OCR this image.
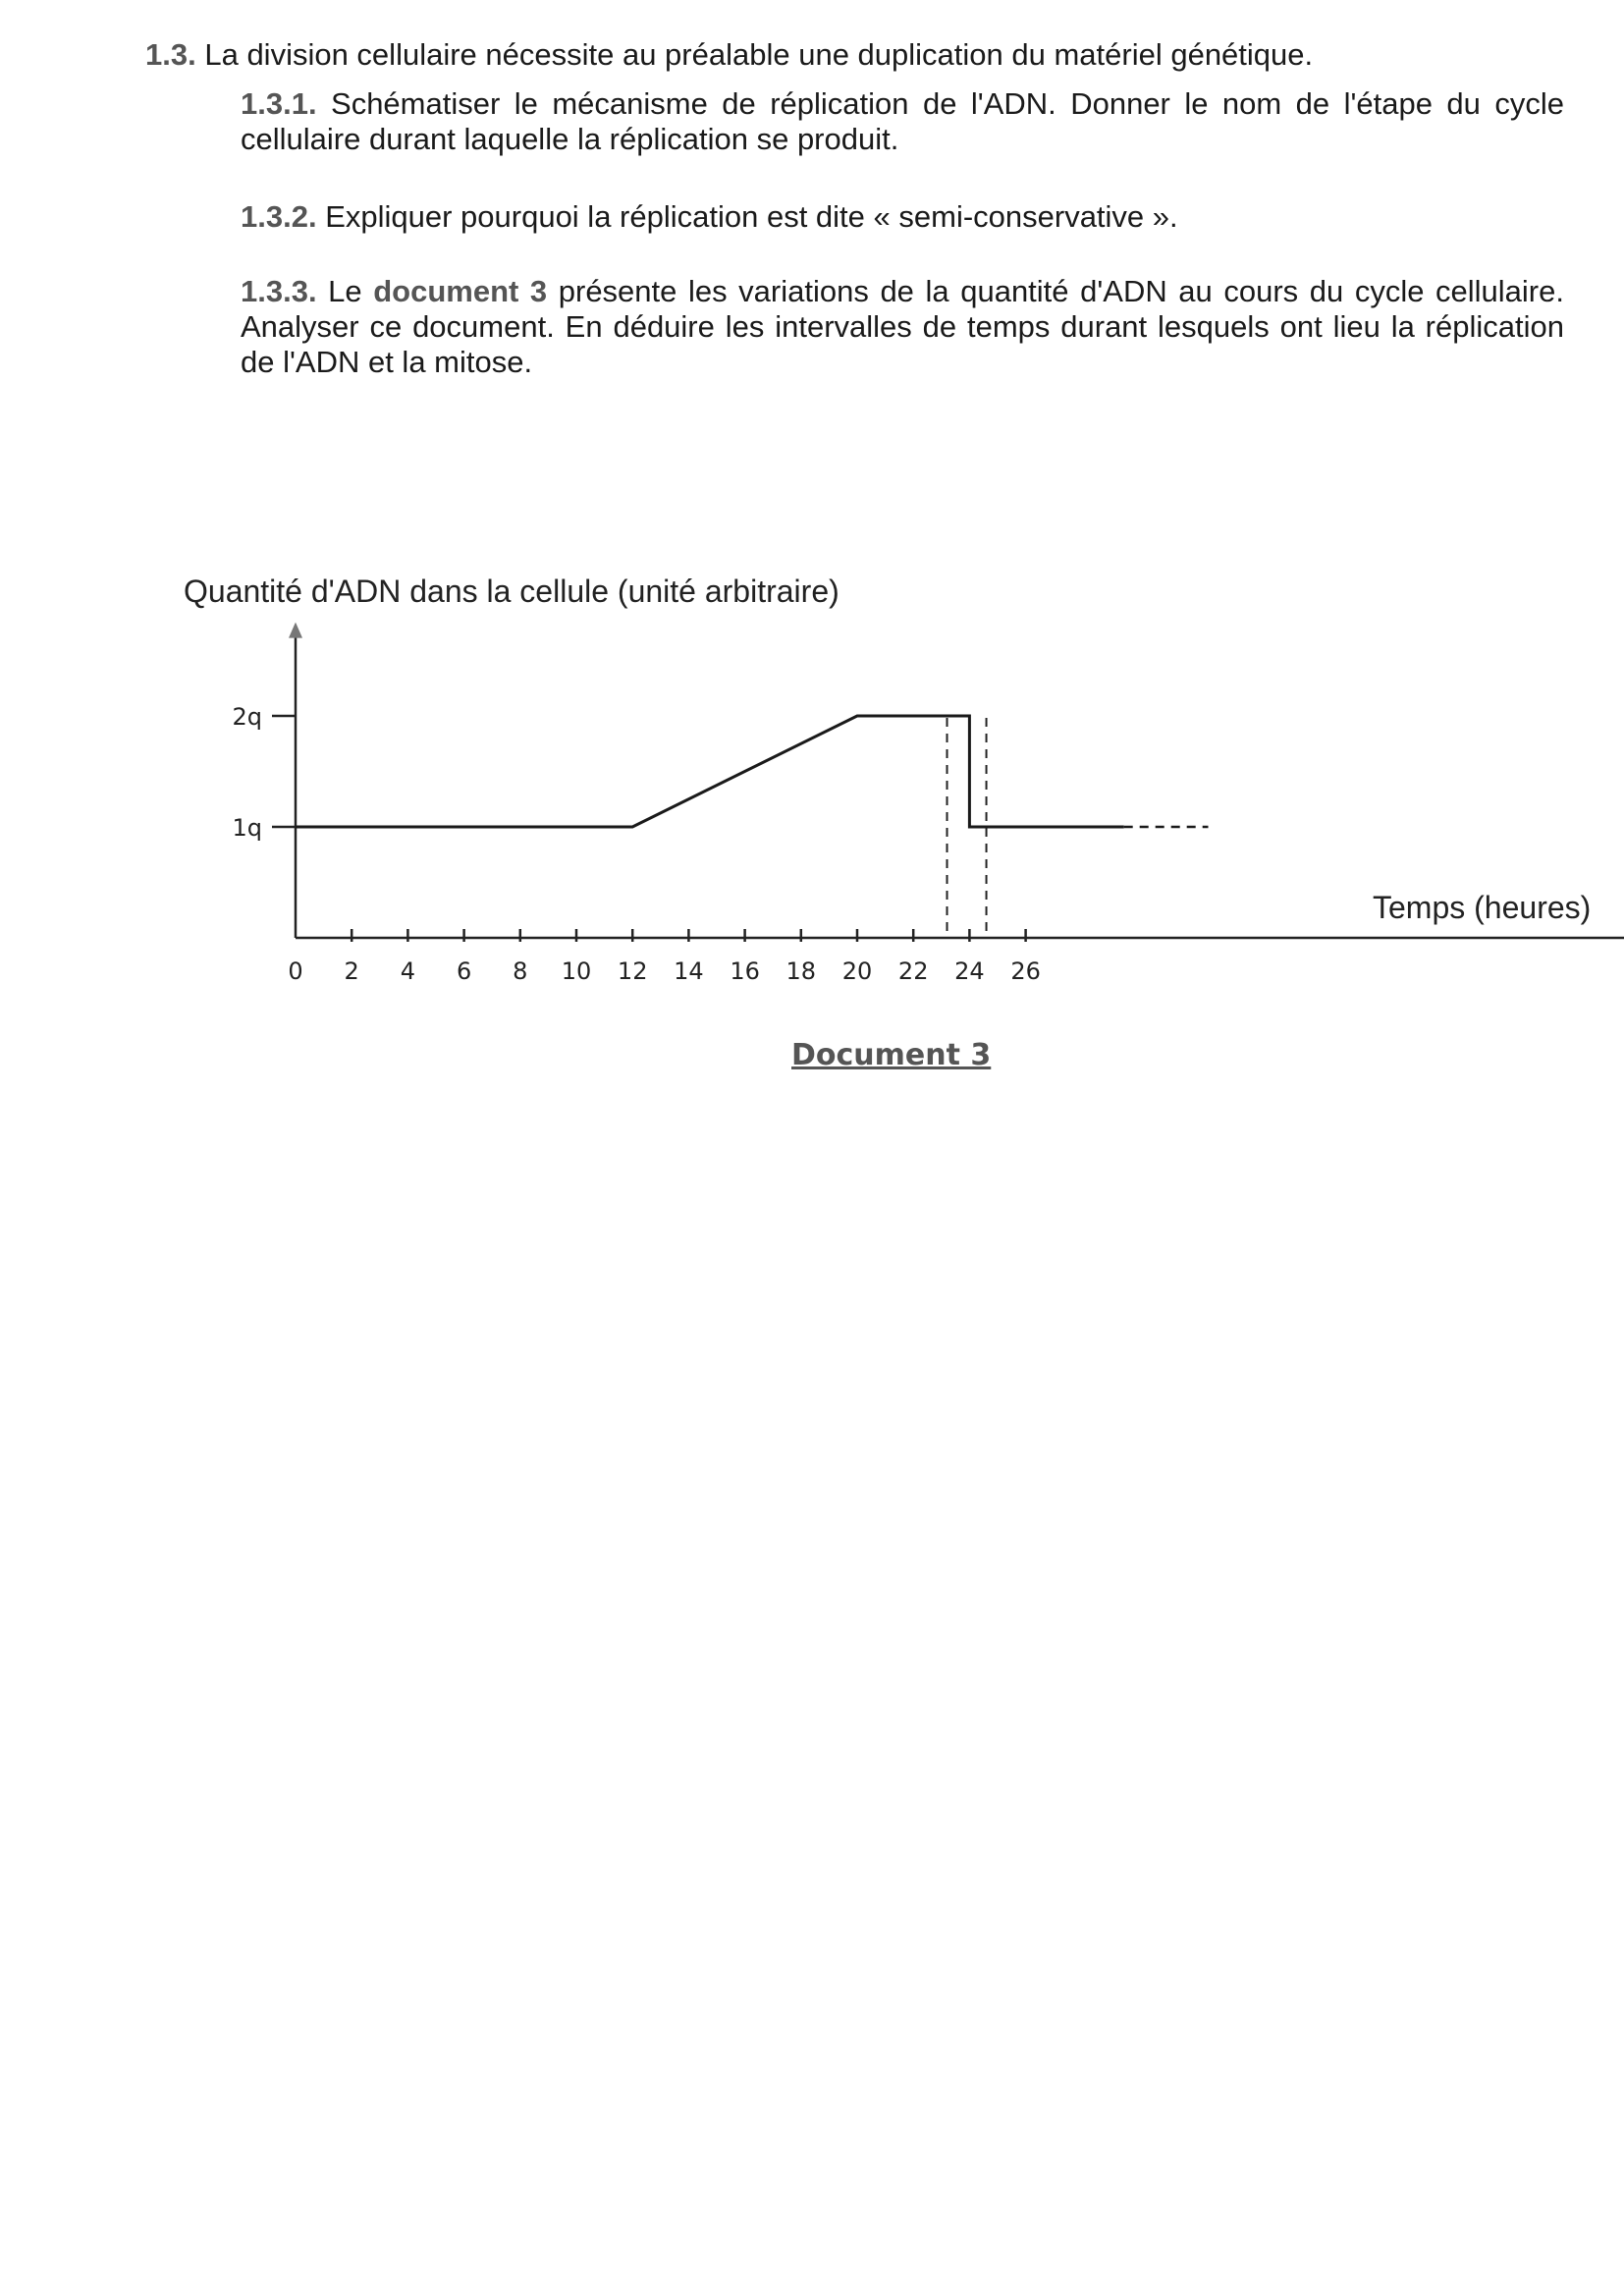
1.3. La division cellulaire nécessite au préalable une duplication du matériel génétique.

1.3.1. Schématiser le mécanisme de réplication de l'ADN. Donner le nom de l'étape du cycle cellulaire durant laquelle la réplication se produit.

1.3.2. Expliquer pourquoi la réplication est dite « semi-conservative ».

1.3.3. Le document 3 présente les variations de la quantité d'ADN au cours du cycle cellulaire. Analyser ce document. En déduire les intervalles de temps durant lesquels ont lieu la réplication de l'ADN et la mitose.

Quantité d'ADN dans la cellule (unité arbitraire)
Temps (heures)
0 2 4 6 8 10 12 14 16 18 20 22 24 26
1q
2q
Document 3
